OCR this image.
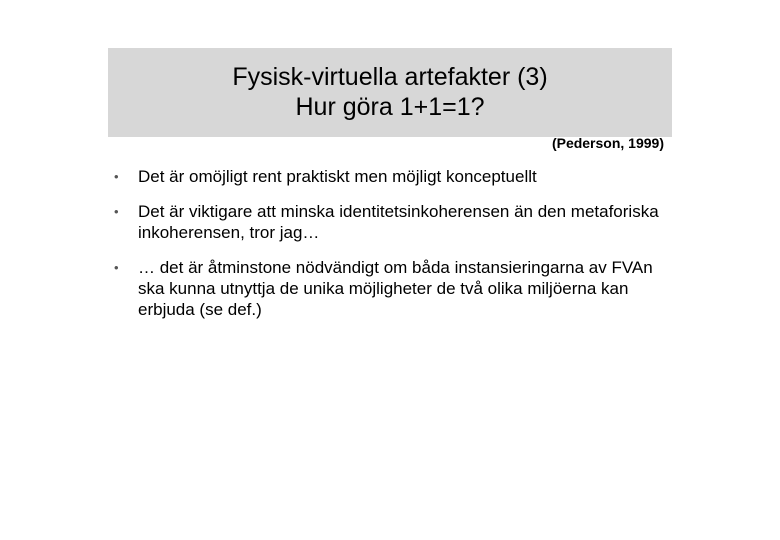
Fysisk-virtuella artefakter (3)
Hur göra 1+1=1?
(Pederson, 1999)
• Det är omöjligt rent praktiskt men möjligt konceptuellt
• Det är viktigare att minska identitetsinkoherensen än den metaforiska inkoherensen, tror jag…
• … det är åtminstone nödvändigt om båda instansieringarna av FVAn ska kunna utnyttja de unika möjligheter de två olika miljöerna kan erbjuda (se def.)
